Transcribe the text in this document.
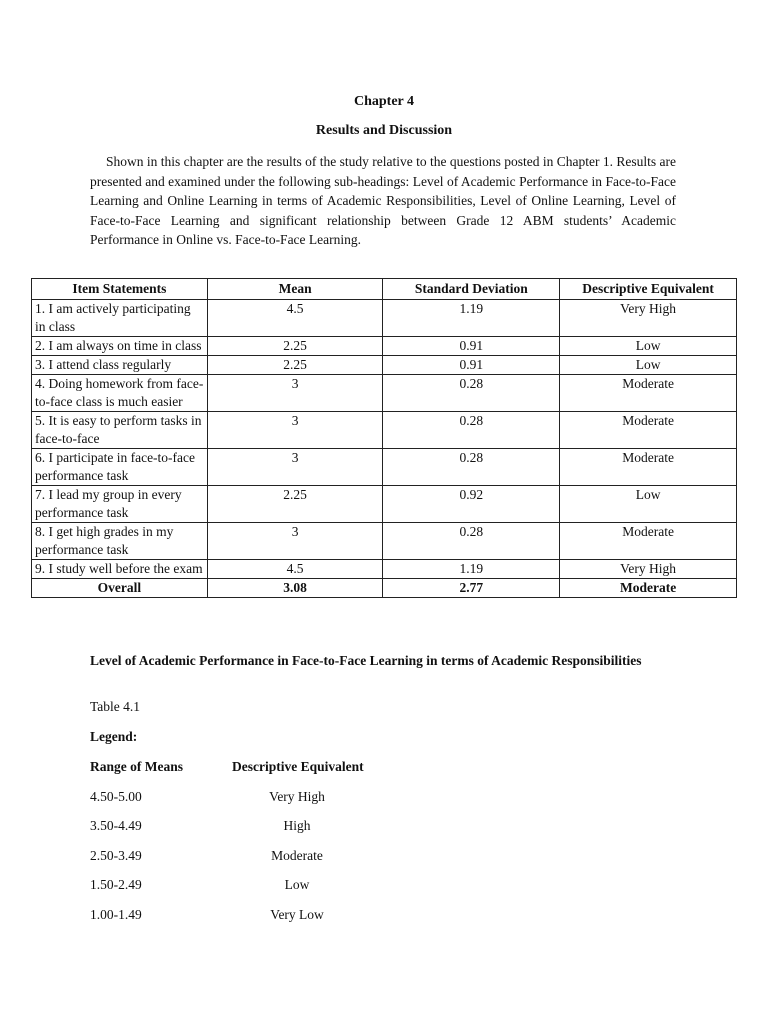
Chapter 4
Results and Discussion
Shown in this chapter are the results of the study relative to the questions posted in Chapter 1. Results are presented and examined under the following sub-headings: Level of Academic Performance in Face-to-Face Learning and Online Learning in terms of Academic Responsibilities, Level of Online Learning, Level of Face-to-Face Learning and significant relationship between Grade 12 ABM students’ Academic Performance in Online vs. Face-to-Face Learning.
Item Statements	Mean	Standard Deviation	Descriptive Equivalent
1. I am actively participating in class	4.5	1.19	Very High
2. I am always on time in class	2.25	0.91	Low
3. I attend class regularly	2.25	0.91	Low
4. Doing homework from face-to-face class is much easier	3	0.28	Moderate
5. It is easy to perform tasks in face-to-face	3	0.28	Moderate
6. I participate in face-to-face performance task	3	0.28	Moderate
7. I lead my group in every performance task	2.25	0.92	Low
8. I get high grades in my performance task	3	0.28	Moderate
9. I study well before the exam	4.5	1.19	Very High
Overall	3.08	2.77	Moderate
Level of Academic Performance in Face-to-Face Learning in terms of Academic Responsibilities
Table 4.1
Legend:
Range of Means	Descriptive Equivalent
4.50-5.00	Very High
3.50-4.49	High
2.50-3.49	Moderate
1.50-2.49	Low
1.00-1.49	Very Low
